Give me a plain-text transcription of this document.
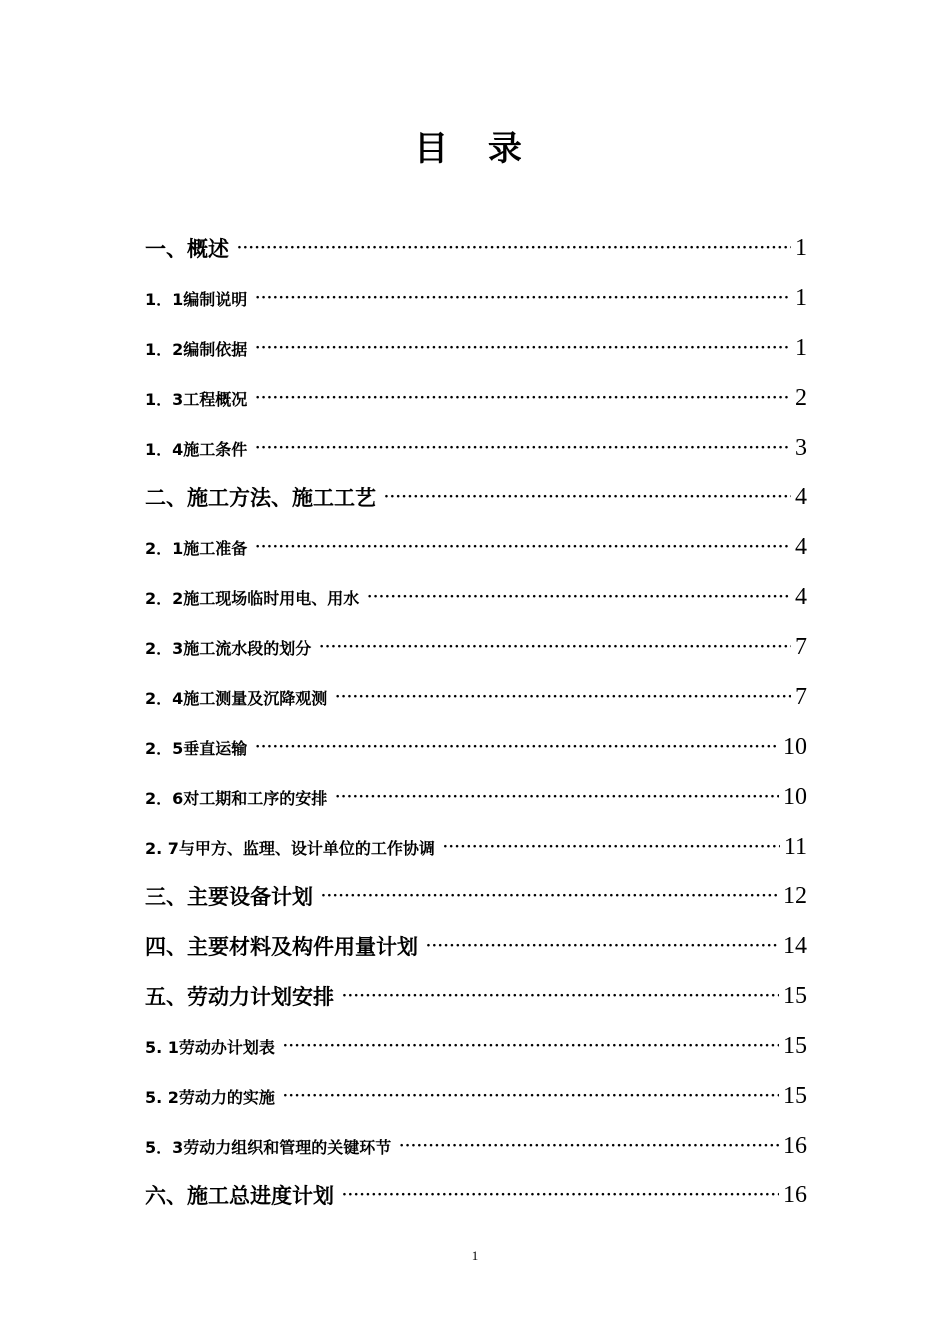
目 录
一、概述 ·····	1
1．1编制说明 ·····	1
1．2编制依据 ·····	1
1．3工程概况 ·····	2
1．4施工条件 ·····	3
二、施工方法、施工工艺 ·····	4
2．1施工准备 ·····	4
2．2施工现场临时用电、用水 ·····	4
2．3施工流水段的划分 ·····	7
2．4施工测量及沉降观测 ·····	7
2．5垂直运输 ·····	10
2．6对工期和工序的安排 ·····	10
2. 7与甲方、监理、设计单位的工作协调 ·····	11
三、主要设备计划 ·····	12
四、主要材料及构件用量计划 ·····	14
五、劳动力计划安排 ·····	15
5. 1劳动办计划表 ·····	15
5. 2劳动力的实施 ·····	15
5．3劳动力组织和管理的关键环节 ·····	16
六、施工总进度计划 ·····	16
1
